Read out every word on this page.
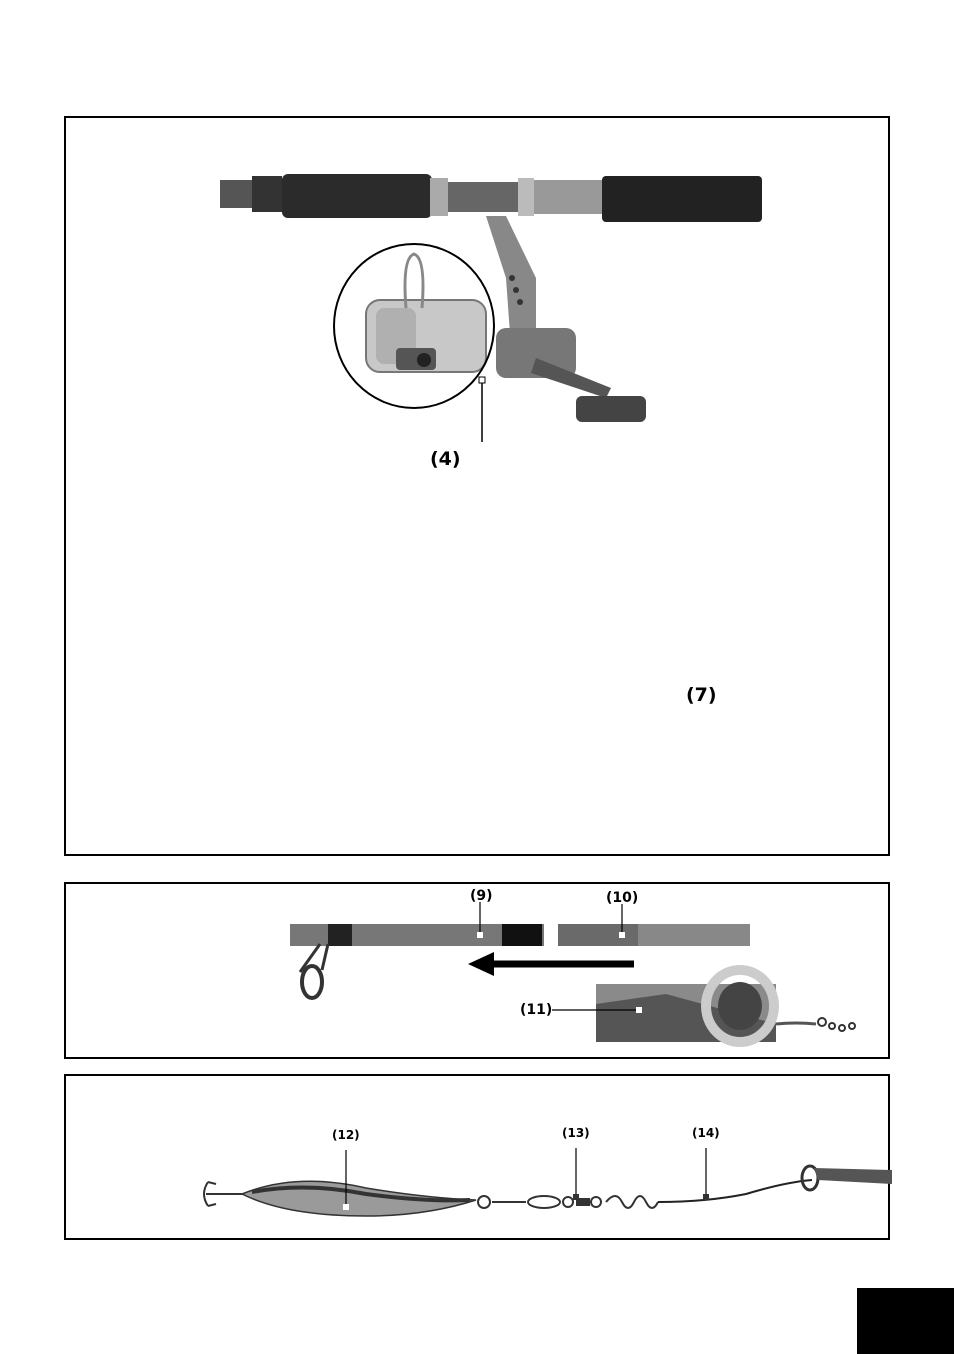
(4)
(7)
(9)	(10)
(11)
(12)	(13)	(14)
